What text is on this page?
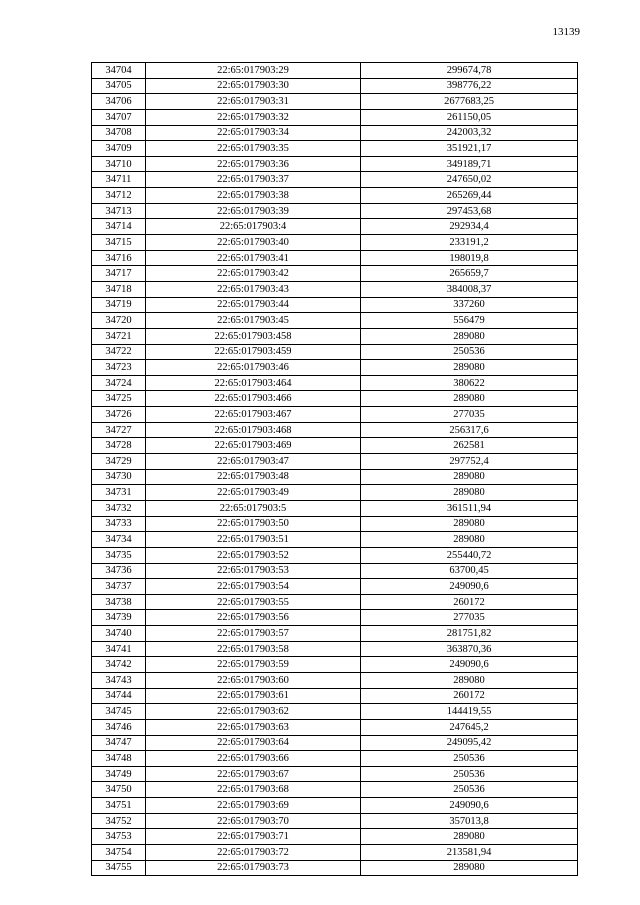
13139
34704	22:65:017903:29	299674,78
34705	22:65:017903:30	398776,22
34706	22:65:017903:31	2677683,25
34707	22:65:017903:32	261150,05
34708	22:65:017903:34	242003,32
34709	22:65:017903:35	351921,17
34710	22:65:017903:36	349189,71
34711	22:65:017903:37	247650,02
34712	22:65:017903:38	265269,44
34713	22:65:017903:39	297453,68
34714	22:65:017903:4	292934,4
34715	22:65:017903:40	233191,2
34716	22:65:017903:41	198019,8
34717	22:65:017903:42	265659,7
34718	22:65:017903:43	384008,37
34719	22:65:017903:44	337260
34720	22:65:017903:45	556479
34721	22:65:017903:458	289080
34722	22:65:017903:459	250536
34723	22:65:017903:46	289080
34724	22:65:017903:464	380622
34725	22:65:017903:466	289080
34726	22:65:017903:467	277035
34727	22:65:017903:468	256317,6
34728	22:65:017903:469	262581
34729	22:65:017903:47	297752,4
34730	22:65:017903:48	289080
34731	22:65:017903:49	289080
34732	22:65:017903:5	361511,94
34733	22:65:017903:50	289080
34734	22:65:017903:51	289080
34735	22:65:017903:52	255440,72
34736	22:65:017903:53	63700,45
34737	22:65:017903:54	249090,6
34738	22:65:017903:55	260172
34739	22:65:017903:56	277035
34740	22:65:017903:57	281751,82
34741	22:65:017903:58	363870,36
34742	22:65:017903:59	249090,6
34743	22:65:017903:60	289080
34744	22:65:017903:61	260172
34745	22:65:017903:62	144419,55
34746	22:65:017903:63	247645,2
34747	22:65:017903:64	249095,42
34748	22:65:017903:66	250536
34749	22:65:017903:67	250536
34750	22:65:017903:68	250536
34751	22:65:017903:69	249090,6
34752	22:65:017903:70	357013,8
34753	22:65:017903:71	289080
34754	22:65:017903:72	213581,94
34755	22:65:017903:73	289080
